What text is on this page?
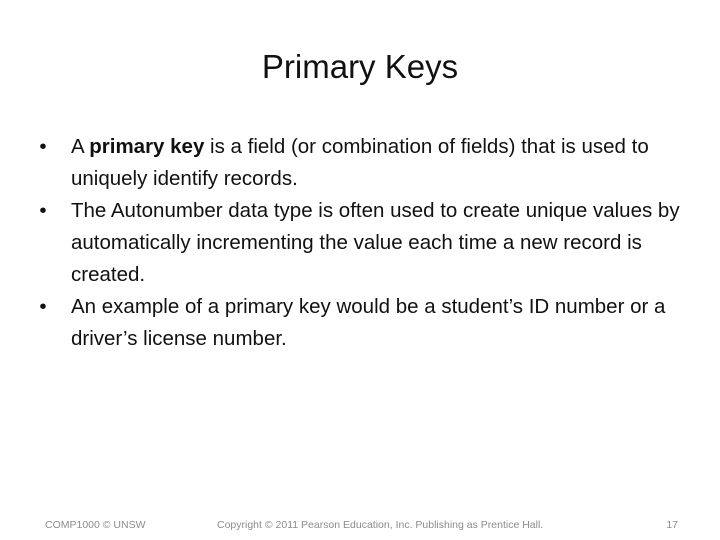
Primary Keys
• A primary key is a field (or combination of fields) that is used to uniquely identify records.
• The Autonumber data type is often used to create unique values by automatically incrementing the value each time a new record is created.
• An example of a primary key would be a student’s ID number or a driver’s license number.
COMP1000 © UNSW	Copyright © 2011 Pearson Education, Inc. Publishing as Prentice Hall.	17
